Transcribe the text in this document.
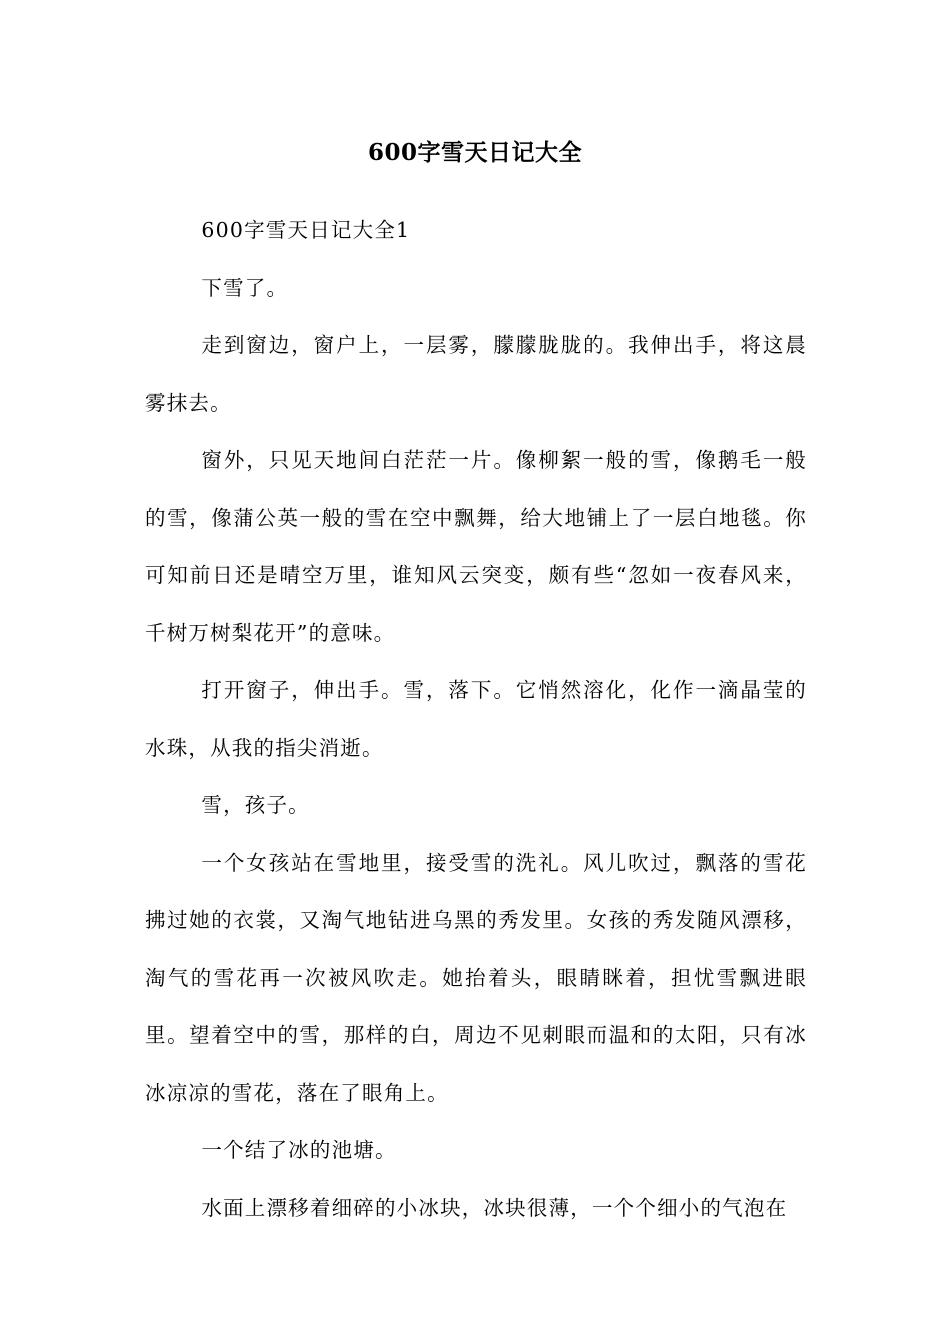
600字雪天日记大全

600字雪天日记大全1

下雪了。

走到窗边，窗户上，一层雾，朦朦胧胧的。我伸出手，将这晨雾抹去。

窗外，只见天地间白茫茫一片。像柳絮一般的雪，像鹅毛一般的雪，像蒲公英一般的雪在空中飘舞，给大地铺上了一层白地毯。你可知前日还是晴空万里，谁知风云突变，颇有些“忽如一夜春风来，千树万树梨花开”的意味。

打开窗子，伸出手。雪，落下。它悄然溶化，化作一滴晶莹的水珠，从我的指尖消逝。

雪，孩子。

一个女孩站在雪地里，接受雪的洗礼。风儿吹过，飘落的雪花拂过她的衣裳，又淘气地钻进乌黑的秀发里。女孩的秀发随风漂移，淘气的雪花再一次被风吹走。她抬着头，眼睛眯着，担忧雪飘进眼里。望着空中的雪，那样的白，周边不见刺眼而温和的太阳，只有冰冰凉凉的雪花，落在了眼角上。

一个结了冰的池塘。

水面上漂移着细碎的小冰块，冰块很薄，一个个细小的气泡在
